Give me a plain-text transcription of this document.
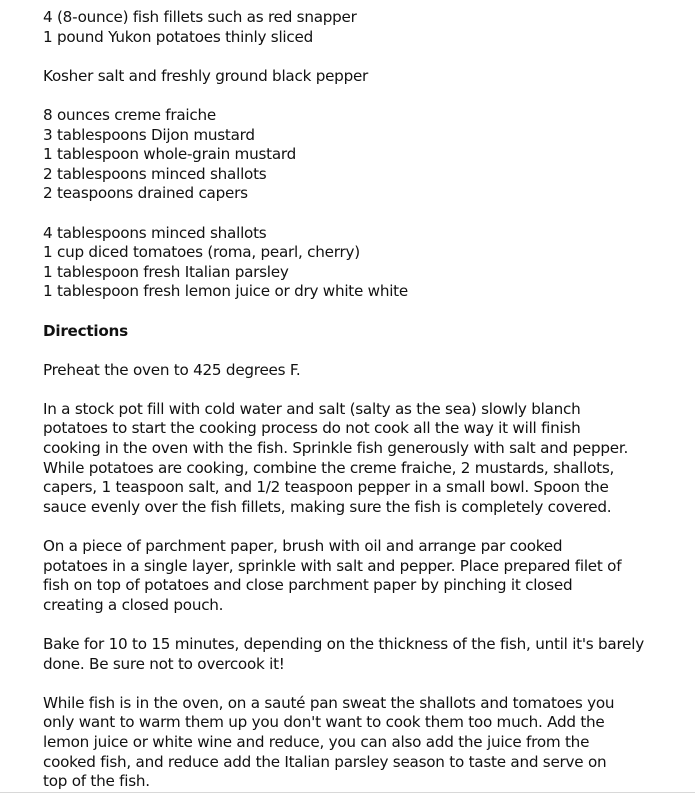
4 (8-ounce) fish fillets such as red snapper
1 pound Yukon potatoes thinly sliced
Kosher salt and freshly ground black pepper
8 ounces creme fraiche
3 tablespoons Dijon mustard
1 tablespoon whole-grain mustard
2 tablespoons minced shallots
2 teaspoons drained capers
4 tablespoons minced shallots
1 cup diced tomatoes (roma, pearl, cherry)
1 tablespoon fresh Italian parsley
1 tablespoon fresh lemon juice or dry white white
Directions
Preheat the oven to 425 degrees F.
In a stock pot fill with cold water and salt (salty as the sea) slowly blanch
potatoes to start the cooking process do not cook all the way it will finish
cooking in the oven with the fish. Sprinkle fish generously with salt and pepper.
While potatoes are cooking, combine the creme fraiche, 2 mustards, shallots,
capers, 1 teaspoon salt, and 1/2 teaspoon pepper in a small bowl. Spoon the
sauce evenly over the fish fillets, making sure the fish is completely covered.
On a piece of parchment paper, brush with oil and arrange par cooked
potatoes in a single layer, sprinkle with salt and pepper. Place prepared filet of
fish on top of potatoes and close parchment paper by pinching it closed
creating a closed pouch.
Bake for 10 to 15 minutes, depending on the thickness of the fish, until it's barely
done. Be sure not to overcook it!
While fish is in the oven, on a sauté pan sweat the shallots and tomatoes you
only want to warm them up you don't want to cook them too much. Add the
lemon juice or white wine and reduce, you can also add the juice from the
cooked fish, and reduce add the Italian parsley season to taste and serve on
top of the fish.
